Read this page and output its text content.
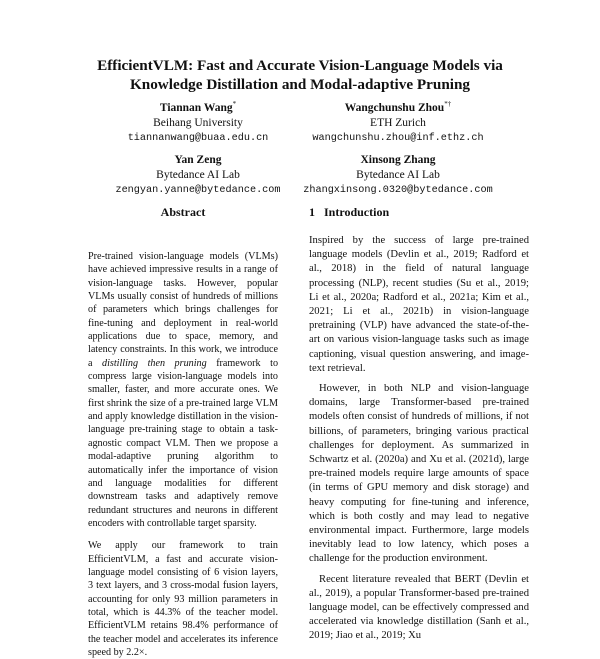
EfficientVLM: Fast and Accurate Vision-Language Models via
Knowledge Distillation and Modal-adaptive Pruning
Tiannan Wang*
Beihang University
tiannanwang@buaa.edu.cn
Wangchunshu Zhou*†
ETH Zurich
wangchunshu.zhou@inf.ethz.ch
Yan Zeng
Bytedance AI Lab
zengyan.yanne@bytedance.com
Xinsong Zhang
Bytedance AI Lab
zhangxinsong.0320@bytedance.com
Abstract	1 Introduction
Pre-trained vision-language models (VLMs) have achieved impressive results in a range of vision-language tasks. However, popular VLMs usually consist of hundreds of millions of parameters which brings challenges for fine-tuning and deployment in real-world applications due to space, memory, and latency constraints. In this work, we introduce a distilling then pruning framework to compress large vision-language models into smaller, faster, and more accurate ones. We first shrink the size of a pre-trained large VLM and apply knowledge distillation in the vision-language pre-training stage to obtain a task-agnostic compact VLM. Then we propose a modal-adaptive pruning algorithm to automatically infer the importance of vision and language modalities for different downstream tasks and adaptively remove redundant structures and neurons in different encoders with controllable target sparsity.
We apply our framework to train EfficientVLM, a fast and accurate vision-language model consisting of 6 vision layers, 3 text layers, and 3 cross-modal fusion layers, accounting for only 93 million parameters in total, which is 44.3% of the teacher model. EfficientVLM retains 98.4% performance of the teacher model and accelerates its inference speed by 2.2×.
Inspired by the success of large pre-trained language models (Devlin et al., 2019; Radford et al., 2018) in the field of natural language processing (NLP), recent studies (Su et al., 2019; Li et al., 2020a; Radford et al., 2021a; Kim et al., 2021; Li et al., 2021b) in vision-language pretraining (VLP) have advanced the state-of-the-art on various vision-language tasks such as image captioning, visual question answering, and image-text retrieval.
However, in both NLP and vision-language domains, large Transformer-based pre-trained models often consist of hundreds of millions, if not billions, of parameters, bringing various practical challenges for deployment. As summarized in Schwartz et al. (2020a) and Xu et al. (2021d), large pre-trained models require large amounts of space (in terms of GPU memory and disk storage) and heavy computing for fine-tuning and inference, which is both costly and may lead to negative environmental impact. Furthermore, large models inevitably lead to low latency, which poses a challenge for the production environment.
Recent literature revealed that BERT (Devlin et al., 2019), a popular Transformer-based pre-trained language model, can be effectively compressed and accelerated via knowledge distillation (Sanh et al., 2019; Jiao et al., 2019; Xu
